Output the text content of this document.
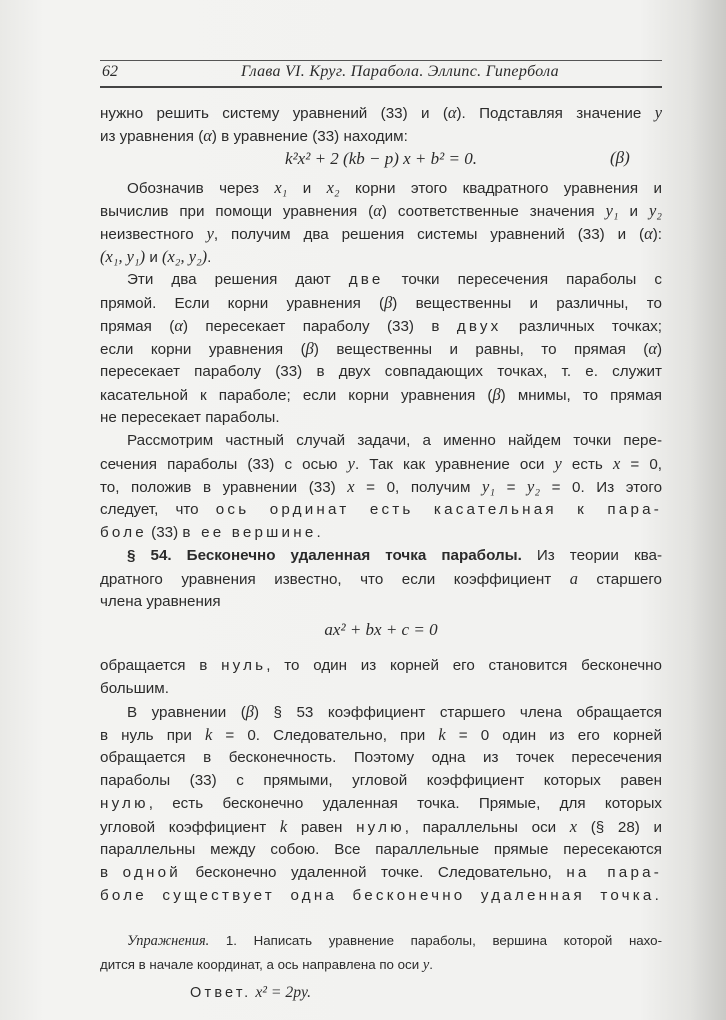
62	Глава VI. Круг. Парабола. Эллипс. Гипербола
нужно решить систему уравнений (33) и (α). Подставляя значение y
из уравнения (α) в уравнение (33) находим:
k²x² + 2 (kb − p) x + b² = 0.	(β)
Обозначив через x₁ и x₂ корни этого квадратного уравнения и
вычислив при помощи уравнения (α) соответственные значения y₁ и y₂
неизвестного y, получим два решения системы уравнений (33) и (α):
(x₁, y₁) и (x₂, y₂).
Эти два решения дают две точки пересечения параболы с
прямой. Если корни уравнения (β) вещественны и различны, то
прямая (α) пересекает параболу (33) в двух различных точках;
если корни уравнения (β) вещественны и равны, то прямая (α)
пересекает параболу (33) в двух совпадающих точках, т. е. служит
касательной к параболе; если корни уравнения (β) мнимы, то прямая
не пересекает параболы.
Рассмотрим частный случай задачи, а именно найдем точки пере-
сечения параболы (33) с осью y. Так как уравнение оси y есть x = 0,
то, положив в уравнении (33) x = 0, получим y₁ = y₂ = 0. Из этого
следует, что ось ординат есть касательная к пара-
боле (33) в ее вершине.
§ 54. Бесконечно удаленная точка параболы. Из теории ква-
дратного уравнения известно, что если коэффициент a старшего
члена уравнения
ax² + bx + c = 0
обращается в нуль, то один из корней его становится бесконечно
большим.
В уравнении (β) § 53 коэффициент старшего члена обращается
в нуль при k = 0. Следовательно, при k = 0 один из его корней
обращается в бесконечность. Поэтому одна из точек пересечения
параболы (33) с прямыми, угловой коэффициент которых равен
нулю, есть бесконечно удаленная точка. Прямые, для которых
угловой коэффициент k равен нулю, параллельны оси x (§ 28) и
параллельны между собою. Все параллельные прямые пересекаются
в одной бесконечно удаленной точке. Следовательно, на пара-
боле существует одна бесконечно удаленная точка.
Упражнения. 1. Написать уравнение параболы, вершина которой нахо-
дится в начале координат, а ось направлена по оси y.
Ответ. x² = 2py.
